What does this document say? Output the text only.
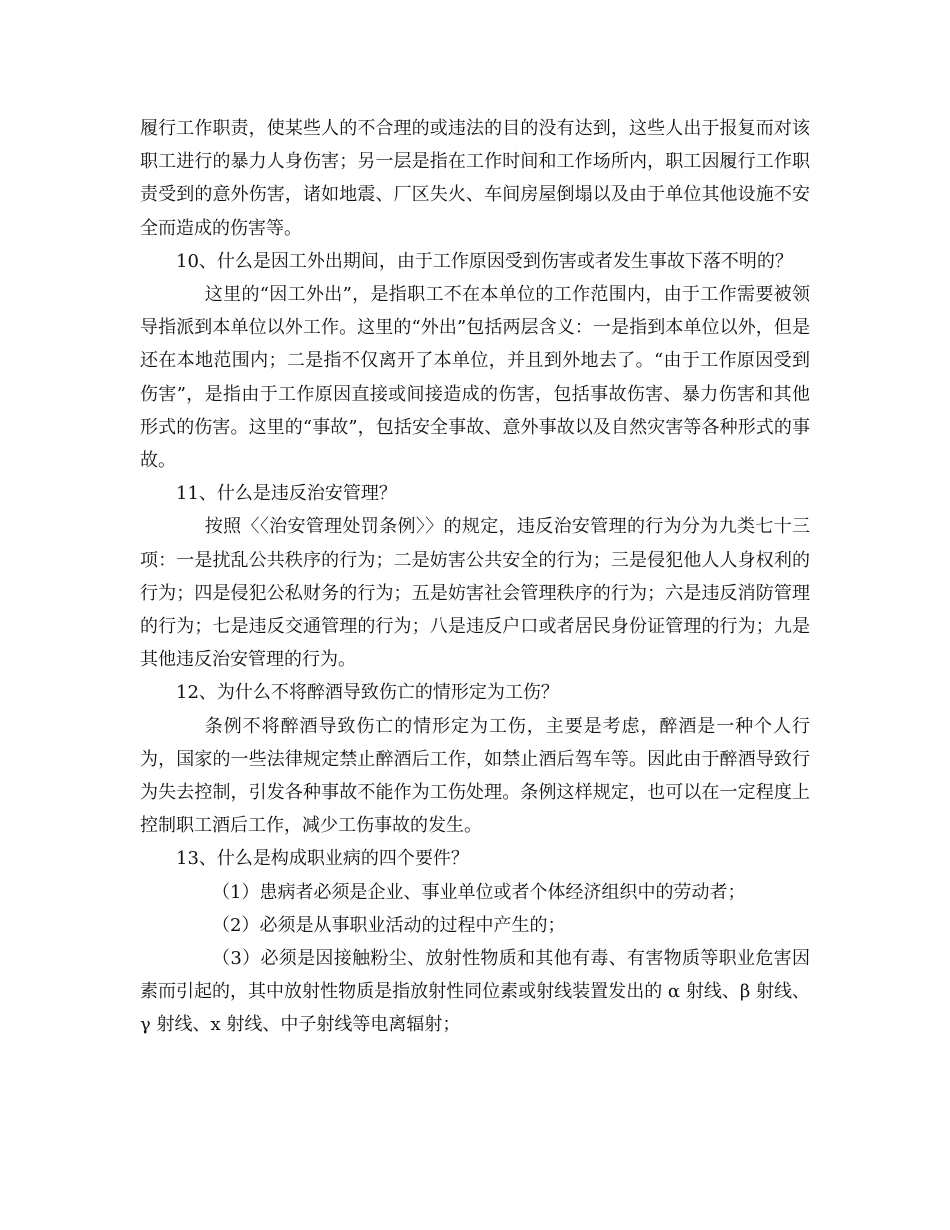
履行工作职责，使某些人的不合理的或违法的目的没有达到，这些人出于报复而对该职工进行的暴力人身伤害；另一层是指在工作时间和工作场所内，职工因履行工作职责受到的意外伤害，诸如地震、厂区失火、车间房屋倒塌以及由于单位其他设施不安全而造成的伤害等。

10、什么是因工外出期间，由于工作原因受到伤害或者发生事故下落不明的？

这里的“因工外出”，是指职工不在本单位的工作范围内，由于工作需要被领导指派到本单位以外工作。这里的“外出”包括两层含义：一是指到本单位以外，但是还在本地范围内；二是指不仅离开了本单位，并且到外地去了。“由于工作原因受到伤害”，是指由于工作原因直接或间接造成的伤害，包括事故伤害、暴力伤害和其他形式的伤害。这里的“事故”，包括安全事故、意外事故以及自然灾害等各种形式的事故。

11、什么是违反治安管理？

按照〈〈治安管理处罚条例〉〉的规定，违反治安管理的行为分为九类七十三项：一是扰乱公共秩序的行为；二是妨害公共安全的行为；三是侵犯他人人身权利的行为；四是侵犯公私财务的行为；五是妨害社会管理秩序的行为；六是违反消防管理的行为；七是违反交通管理的行为；八是违反户口或者居民身份证管理的行为；九是其他违反治安管理的行为。

12、为什么不将醉酒导致伤亡的情形定为工伤？

条例不将醉酒导致伤亡的情形定为工伤，主要是考虑，醉酒是一种个人行为，国家的一些法律规定禁止醉酒后工作，如禁止酒后驾车等。因此由于醉酒导致行为失去控制，引发各种事故不能作为工伤处理。条例这样规定，也可以在一定程度上控制职工酒后工作，减少工伤事故的发生。

13、什么是构成职业病的四个要件？

（1）患病者必须是企业、事业单位或者个体经济组织中的劳动者；

（2）必须是从事职业活动的过程中产生的；

（3）必须是因接触粉尘、放射性物质和其他有毒、有害物质等职业危害因素而引起的，其中放射性物质是指放射性同位素或射线装置发出的 α 射线、β 射线、γ 射线、x 射线、中子射线等电离辐射；
